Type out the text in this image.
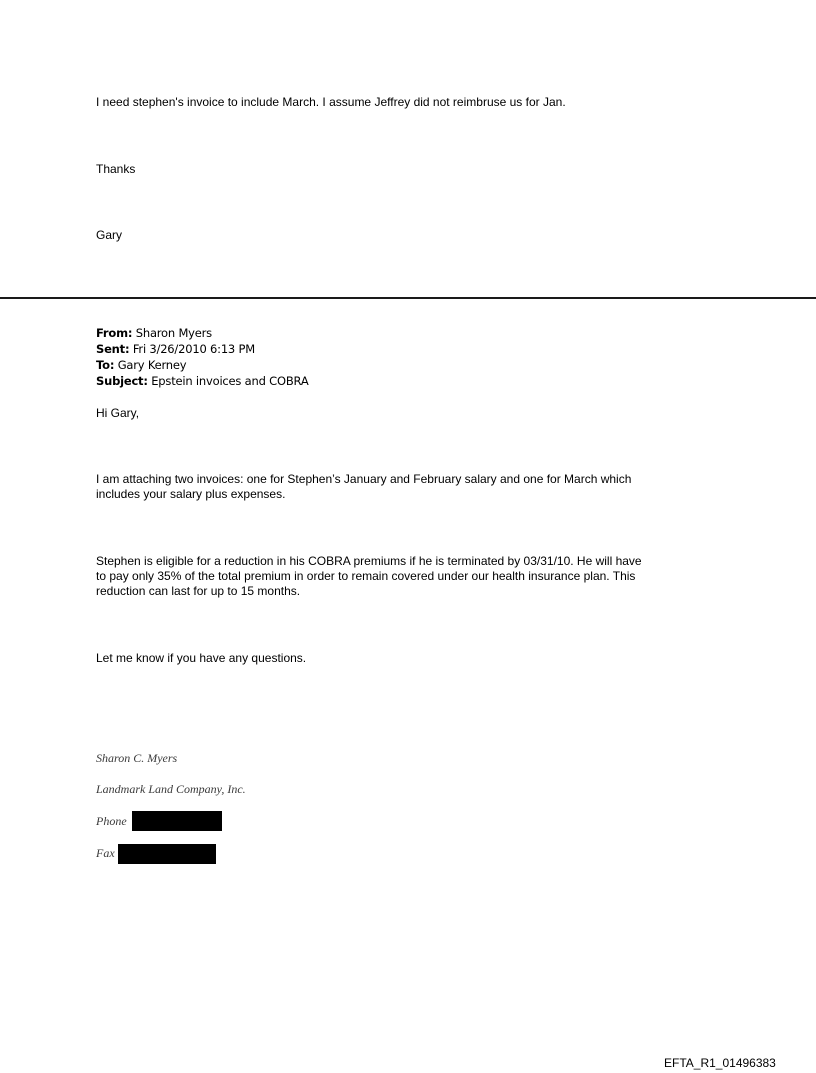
I need stephen's invoice to include March. I assume Jeffrey did not reimbruse us for Jan.
Thanks
Gary
From: Sharon Myers
Sent: Fri 3/26/2010 6:13 PM
To: Gary Kerney
Subject: Epstein invoices and COBRA
Hi Gary,
I am attaching two invoices: one for Stephen’s January and February salary and one for March which
includes your salary plus expenses.
Stephen is eligible for a reduction in his COBRA premiums if he is terminated by 03/31/10. He will have
to pay only 35% of the total premium in order to remain covered under our health insurance plan. This
reduction can last for up to 15 months.
Let me know if you have any questions.
Sharon C. Myers
Landmark Land Company, Inc.
Phone
Fax
EFTA_R1_01496383
